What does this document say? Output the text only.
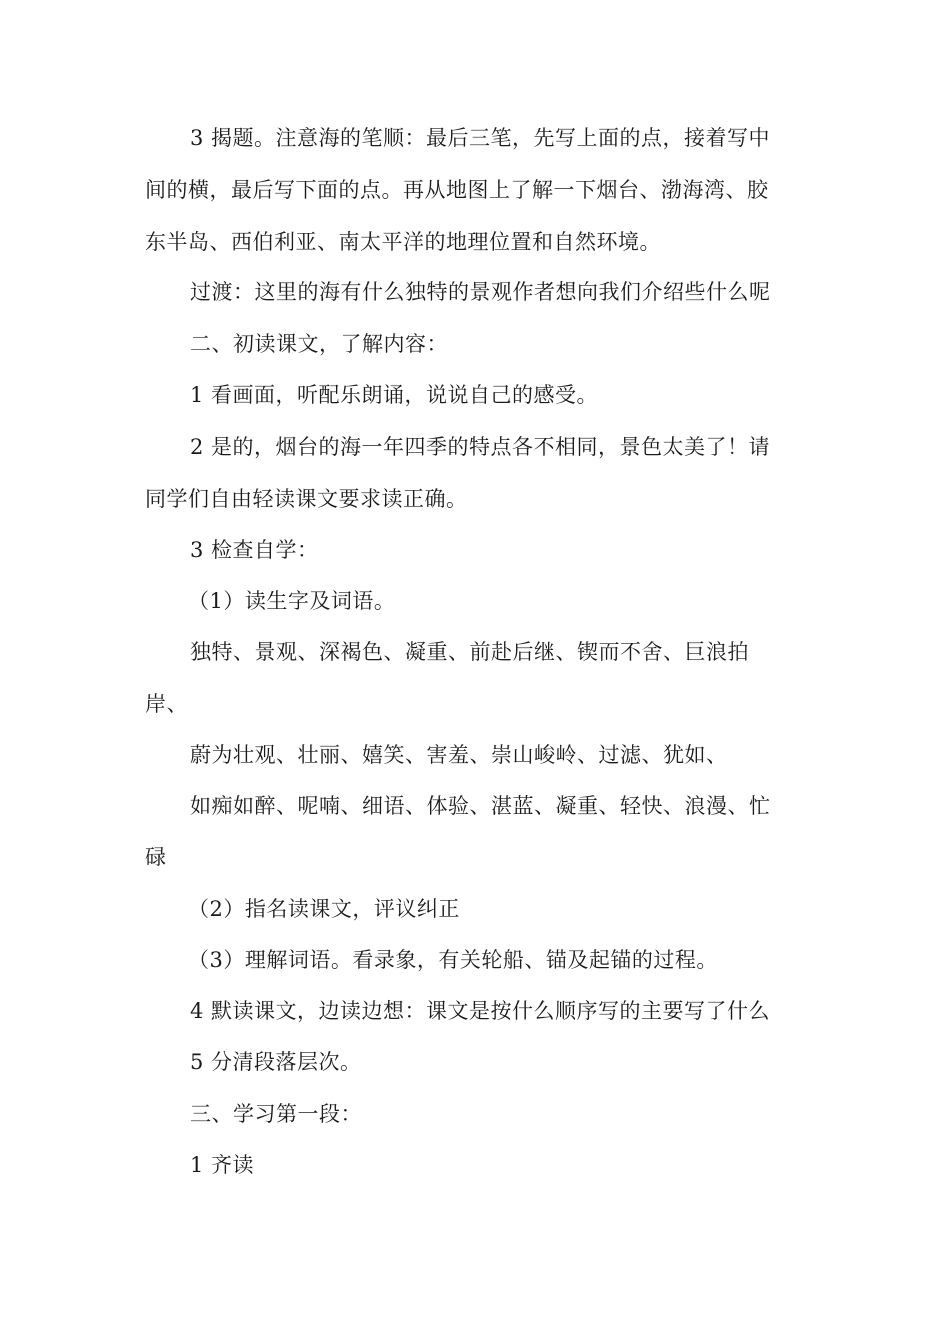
3 揭题。注意海的笔顺：最后三笔，先写上面的点，接着写中
间的横，最后写下面的点。再从地图上了解一下烟台、渤海湾、胶
东半岛、西伯利亚、南太平洋的地理位置和自然环境。
过渡：这里的海有什么独特的景观作者想向我们介绍些什么呢
二、初读课文，了解内容：
1 看画面，听配乐朗诵，说说自己的感受。
2 是的，烟台的海一年四季的特点各不相同，景色太美了！请
同学们自由轻读课文要求读正确。
3 检查自学：
（1）读生字及词语。
独特、景观、深褐色、凝重、前赴后继、锲而不舍、巨浪拍
岸、
蔚为壮观、壮丽、嬉笑、害羞、崇山峻岭、过滤、犹如、
如痴如醉、呢喃、细语、体验、湛蓝、凝重、轻快、浪漫、忙
碌
（2）指名读课文，评议纠正
（3）理解词语。看录象，有关轮船、锚及起锚的过程。
4 默读课文，边读边想：课文是按什么顺序写的主要写了什么
5 分清段落层次。
三、学习第一段：
1 齐读
